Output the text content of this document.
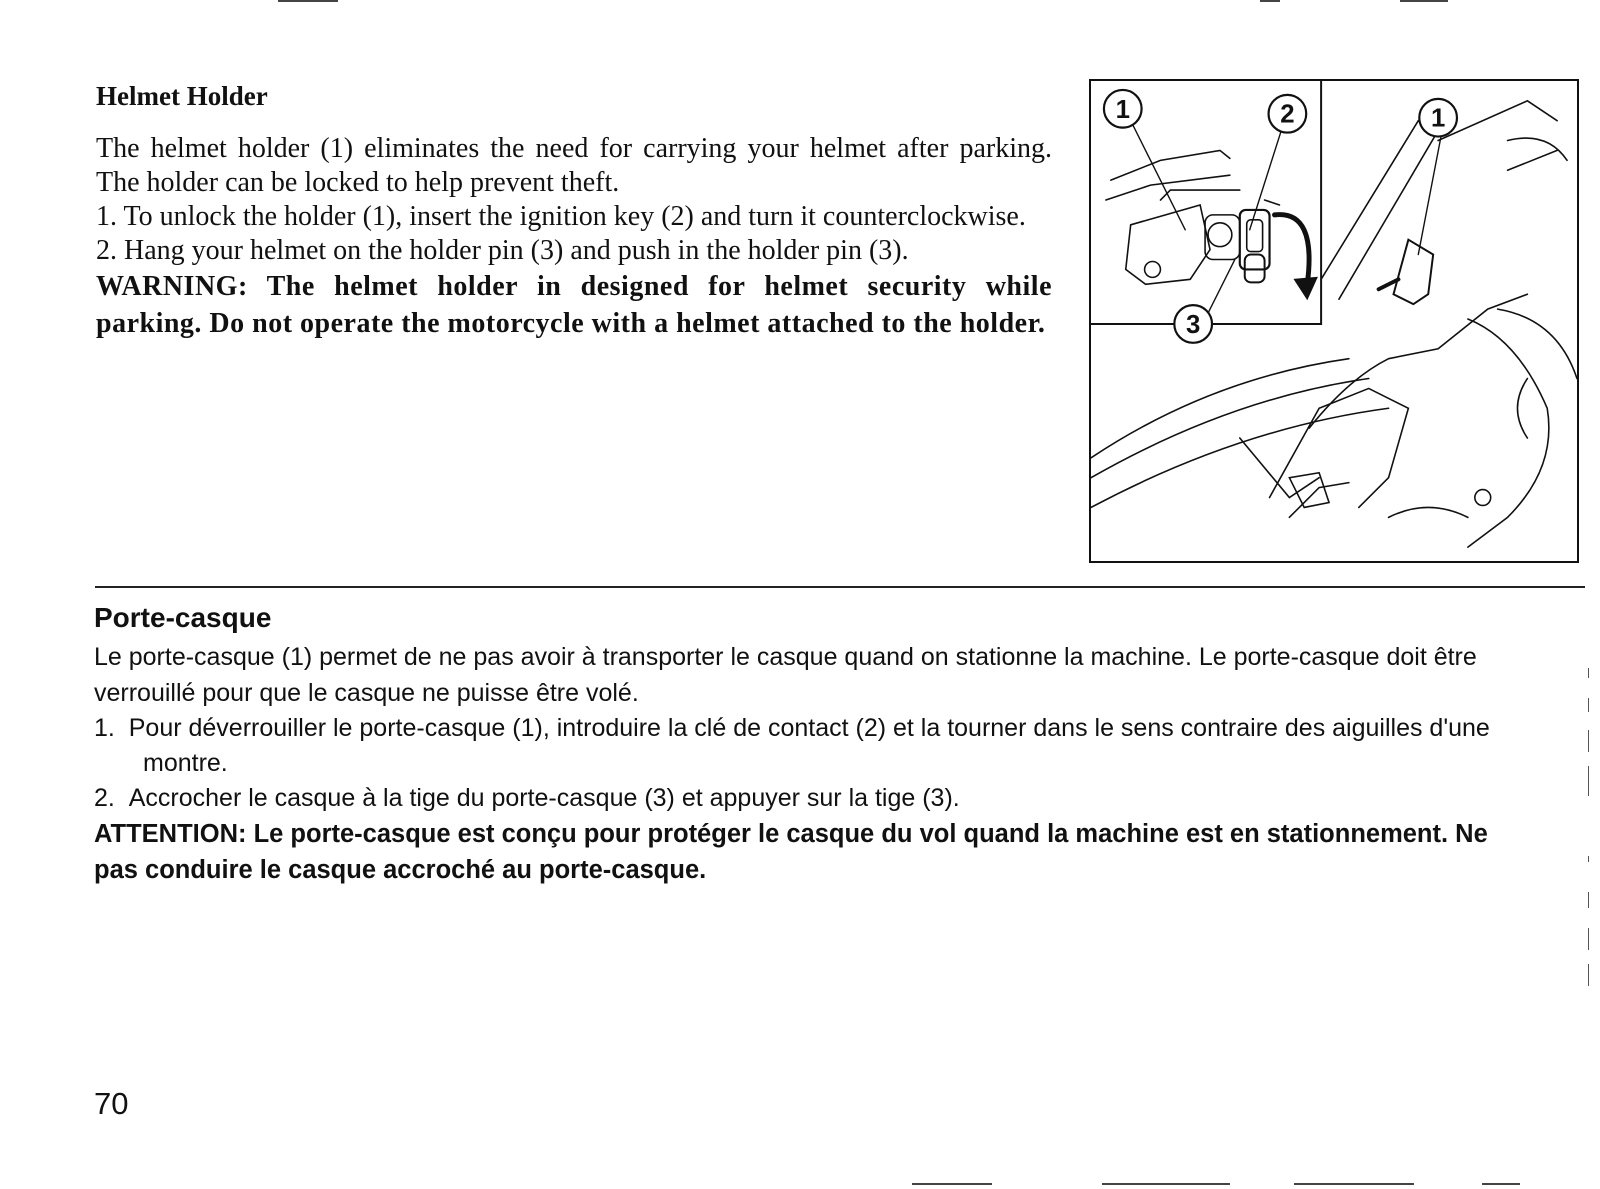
Helmet Holder

The helmet holder (1) eliminates the need for carrying your helmet after parking. The holder can be locked to help prevent theft.

1. To unlock the holder (1), insert the ignition key (2) and turn it counterclockwise.
2. Hang your helmet on the holder pin (3) and push in the holder pin (3).

WARNING: The helmet holder in designed for helmet security while parking. Do not operate the motorcycle with a helmet attached to the holder.

1	2	1
3
Porte-casque

Le porte-casque (1) permet de ne pas avoir à transporter le casque quand on stationne la machine. Le porte-casque doit être verrouillé pour que le casque ne puisse être volé.

1.  Pour déverrouiller le porte-casque (1), introduire la clé de contact (2) et la tourner dans le sens contraire des aiguilles d'une montre.
2.  Accrocher le casque à la tige du porte-casque (3) et appuyer sur la tige (3).

ATTENTION: Le porte-casque est conçu pour protéger le casque du vol quand la machine est en stationnement. Ne pas conduire le casque accroché au porte-casque.

70
